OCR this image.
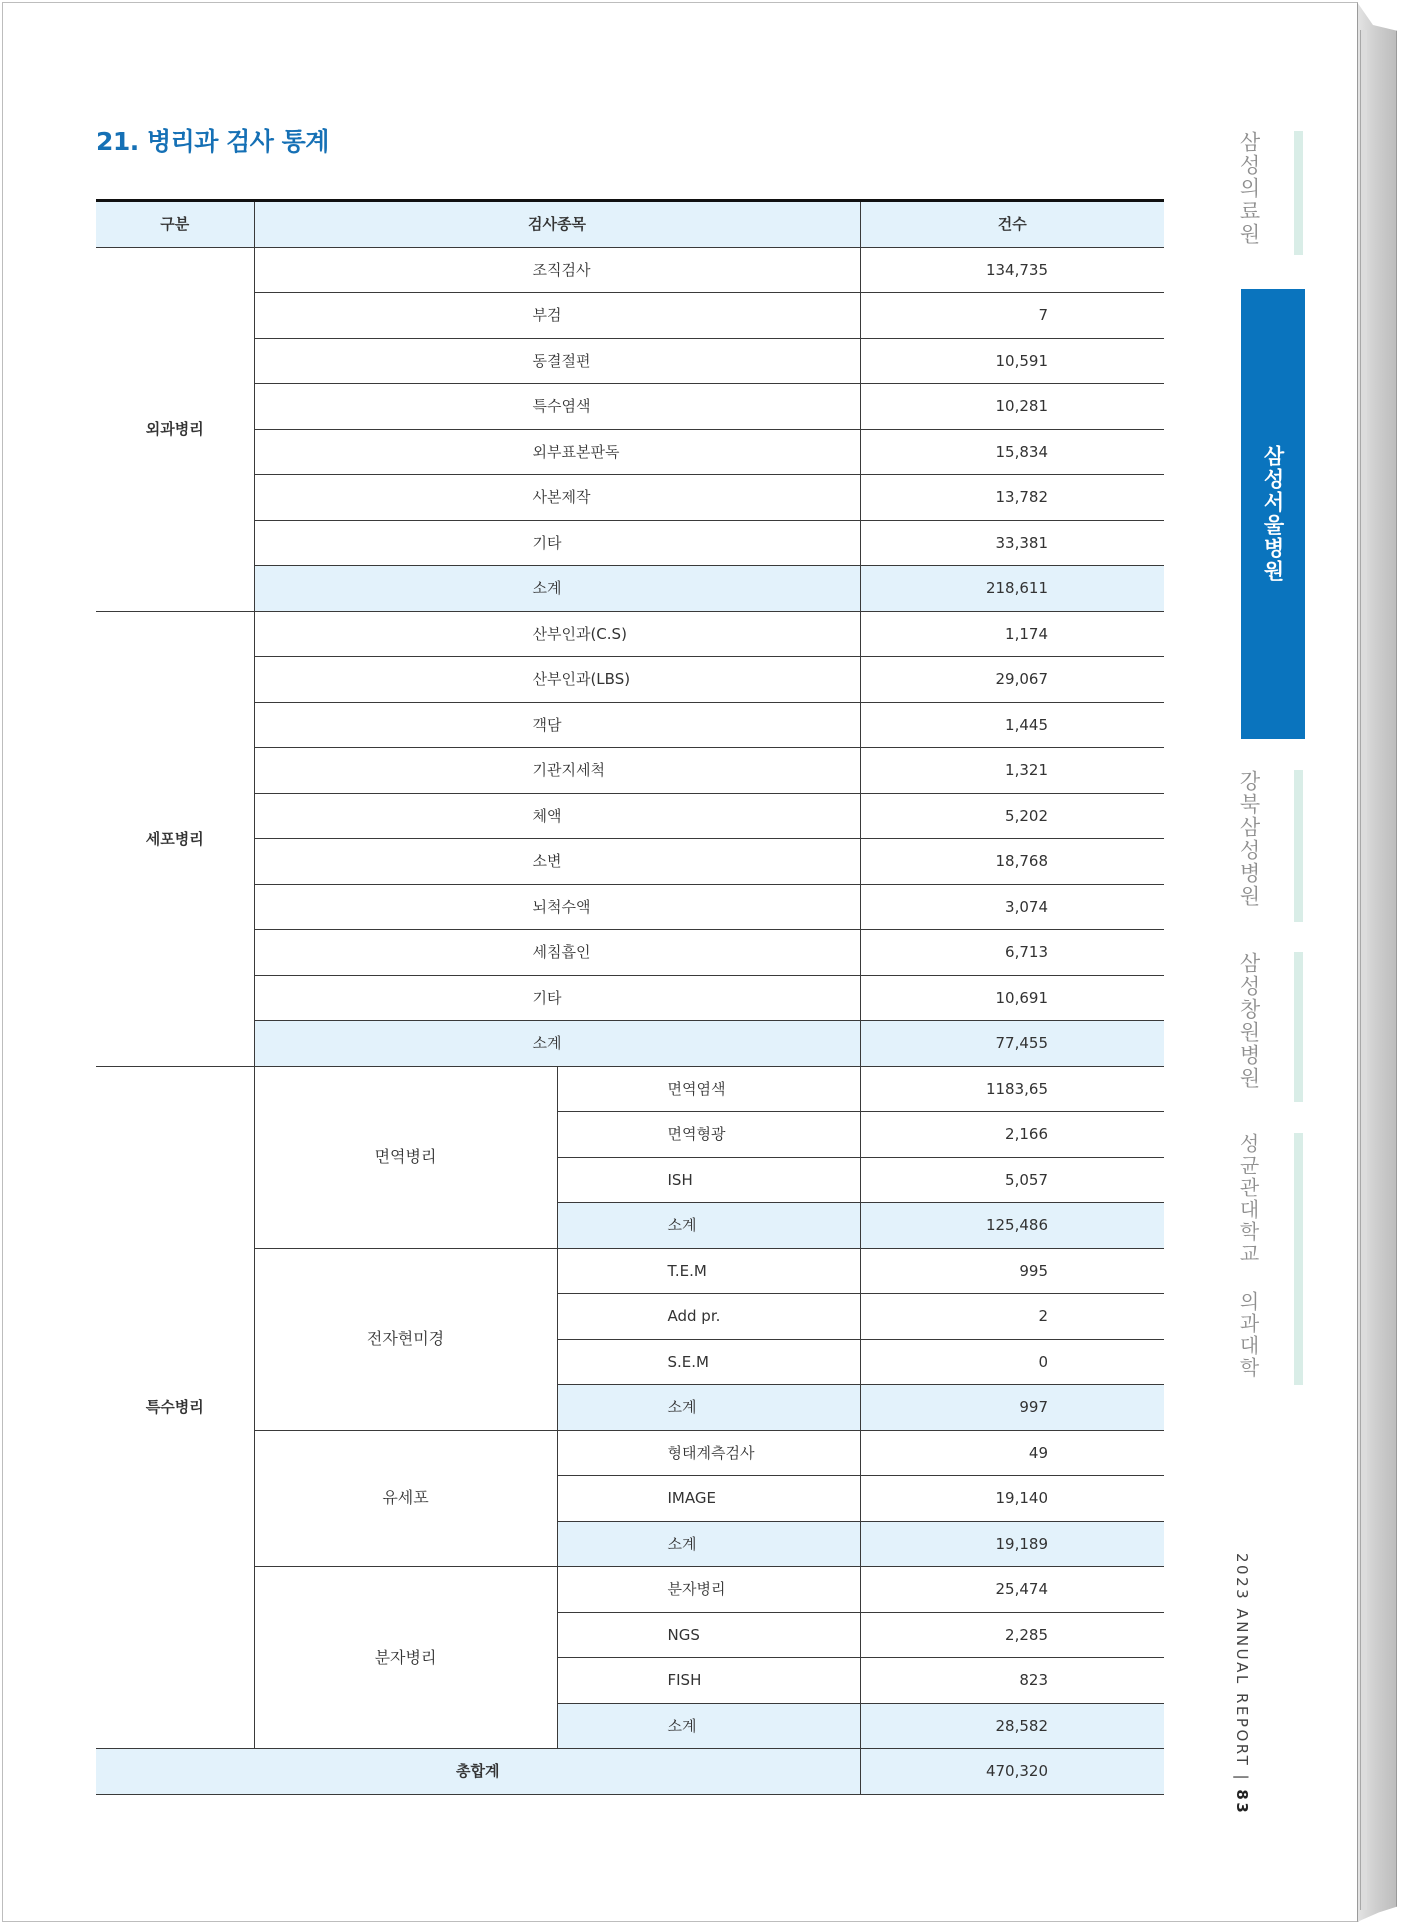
21. 병리과 검사 통계
구분	검사종목		건수
외과병리	조직검사		134,735
	부검		7
	동결절편		10,591
	특수염색		10,281
	외부표본판독		15,834
	사본제작		13,782
	기타		33,381
	소계		218,611
세포병리	산부인과(C.S)		1,174
	산부인과(LBS)		29,067
	객담		1,445
	기관지세척		1,321
	체액		5,202
	소변		18,768
	뇌척수액		3,074
	세침흡인		6,713
	기타		10,691
	소계		77,455
특수병리	면역병리	면역염색	1183,65
		면역형광	2,166
		ISH	5,057
		소계	125,486
	전자현미경	T.E.M	995
		Add pr.	2
		S.E.M	0
		소계	997
	유세포	형태계측검사	49
		IMAGE	19,140
		소계	19,189
	분자병리	분자병리	25,474
		NGS	2,285
		FISH	823
		소계	28,582
총합계			470,320
삼성의료원
삼성서울병원
강북삼성병원
삼성창원병원
성균관대학교 의과대학
2023 ANNUAL REPORT | 83
